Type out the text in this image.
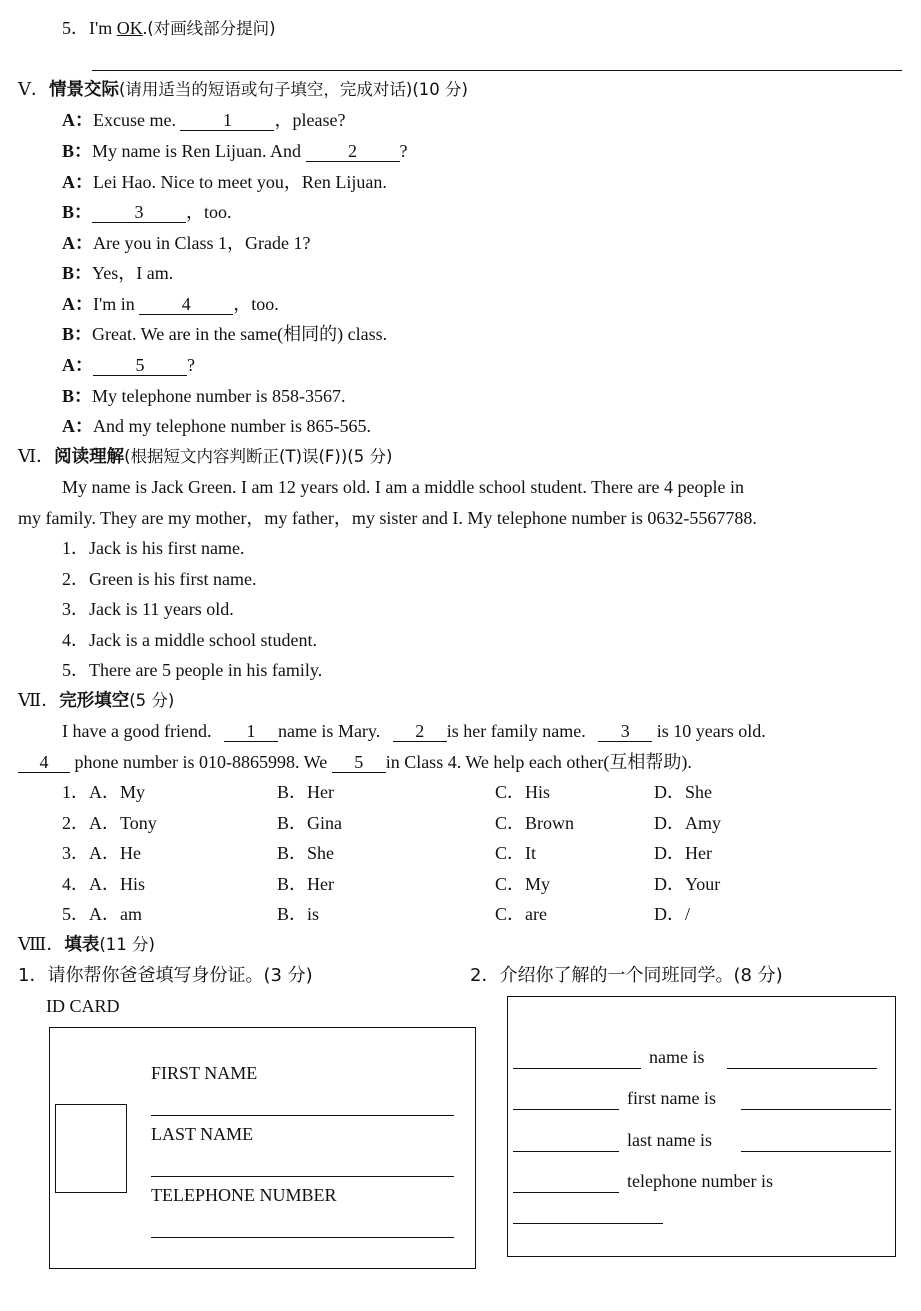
5．I'm OK.(对画线部分提问)
Ⅴ．情景交际(请用适当的短语或句子填空，完成对话)(10 分)
A：Excuse me. 1 ，please?
B：My name is Ren Lijuan. And 2 ?
A：Lei Hao. Nice to meet you，Ren Lijuan.
B： 3 ，too.
A：Are you in Class 1，Grade 1?
B：Yes，I am.
A：I'm in 4 ，too.
B：Great. We are in the same(相同的) class.
A： 5 ?
B：My telephone number is 858-3567.
A：And my telephone number is 865-565.
Ⅵ．阅读理解(根据短文内容判断正(T)误(F))(5 分)
My name is Jack Green. I am 12 years old. I am a middle school student. There are 4 people in
my family. They are my mother，my father，my sister and I. My telephone number is 0632-5567788.
1．Jack is his first name.
2．Green is his first name.
3．Jack is 11 years old.
4．Jack is a middle school student.
5．There are 5 people in his family.
Ⅶ．完形填空(5 分)
I have a good friend. 1 name is Mary. 2 is her family name. 3 is 10 years old.
4 phone number is 010-8865998. We 5 in Class 4. We help each other(互相帮助).
1．A．My	B．Her	C．His	D．She
2．A．Tony	B．Gina	C．Brown	D．Amy
3．A．He	B．She	C．It	D．Her
4．A．His	B．Her	C．My	D．Your
5．A．am	B．is	C．are	D．/
Ⅷ．填表(11 分)
1．请你帮你爸爸填写身份证。(3 分)	2．介绍你了解的一个同班同学。(8 分)
ID CARD
FIRST NAME
LAST NAME
TELEPHONE NUMBER
name is
first name is
last name is
telephone number is
